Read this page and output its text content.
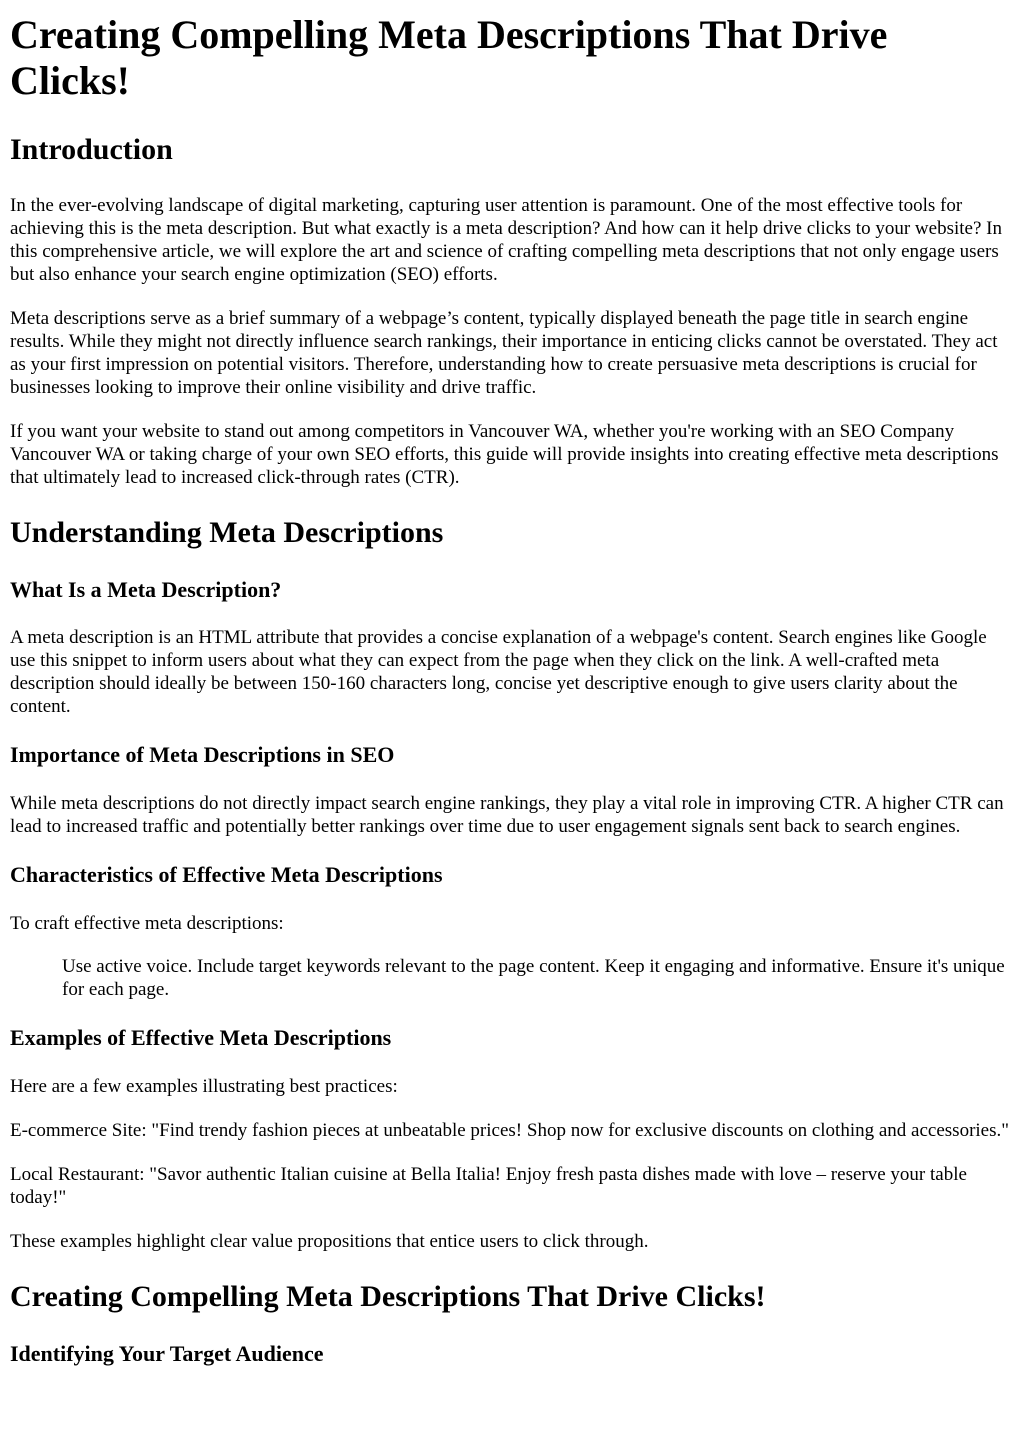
Creating Compelling Meta Descriptions That Drive Clicks!
Introduction

In the ever-evolving landscape of digital marketing, capturing user attention is paramount. One of the most effective tools for achieving this is the meta description. But what exactly is a meta description? And how can it help drive clicks to your website? In this comprehensive article, we will explore the art and science of crafting compelling meta descriptions that not only engage users but also enhance your search engine optimization (SEO) efforts.

Meta descriptions serve as a brief summary of a webpage’s content, typically displayed beneath the page title in search engine results. While they might not directly influence search rankings, their importance in enticing clicks cannot be overstated. They act as your first impression on potential visitors. Therefore, understanding how to create persuasive meta descriptions is crucial for businesses looking to improve their online visibility and drive traffic.

If you want your website to stand out among competitors in Vancouver WA, whether you're working with an SEO Company Vancouver WA or taking charge of your own SEO efforts, this guide will provide insights into creating effective meta descriptions that ultimately lead to increased click-through rates (CTR).

Understanding Meta Descriptions
What Is a Meta Description?

A meta description is an HTML attribute that provides a concise explanation of a webpage's content. Search engines like Google use this snippet to inform users about what they can expect from the page when they click on the link. A well-crafted meta description should ideally be between 150-160 characters long, concise yet descriptive enough to give users clarity about the content.

Importance of Meta Descriptions in SEO

While meta descriptions do not directly impact search engine rankings, they play a vital role in improving CTR. A higher CTR can lead to increased traffic and potentially better rankings over time due to user engagement signals sent back to search engines.

Characteristics of Effective Meta Descriptions

To craft effective meta descriptions:

Use active voice. Include target keywords relevant to the page content. Keep it engaging and informative. Ensure it's unique for each page.
Examples of Effective Meta Descriptions

Here are a few examples illustrating best practices:

E-commerce Site: "Find trendy fashion pieces at unbeatable prices! Shop now for exclusive discounts on clothing and accessories."

Local Restaurant: "Savor authentic Italian cuisine at Bella Italia! Enjoy fresh pasta dishes made with love – reserve your table today!"

These examples highlight clear value propositions that entice users to click through.

Creating Compelling Meta Descriptions That Drive Clicks!
Identifying Your Target Audience
